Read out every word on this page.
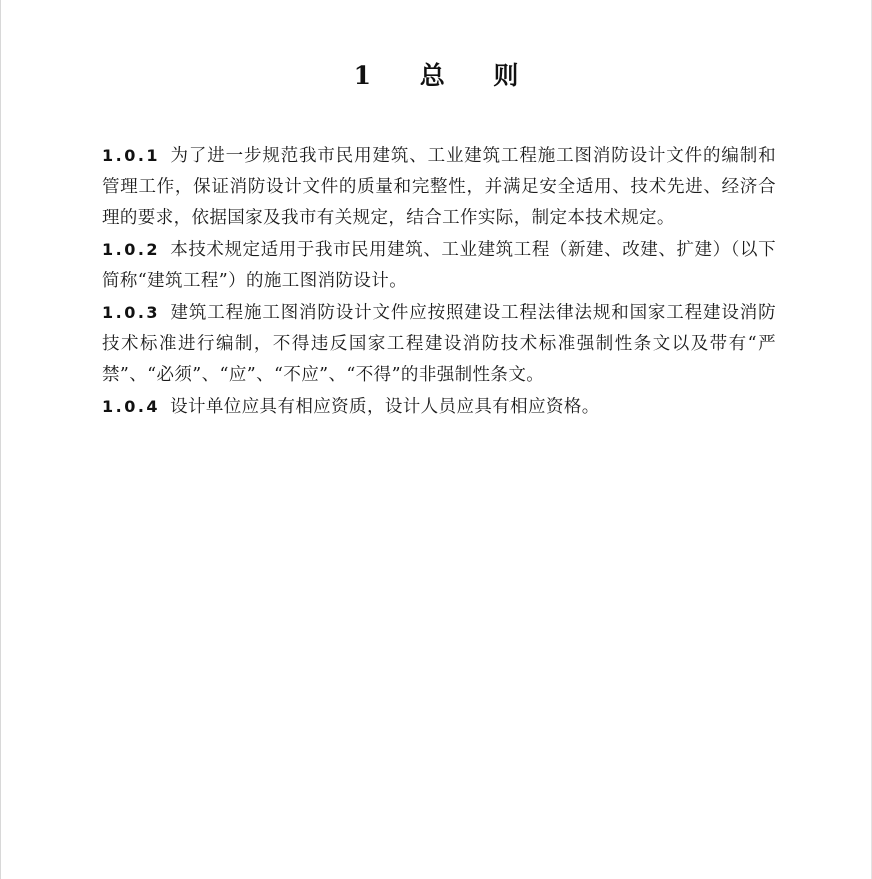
1 总 则

1.0.1 为了进一步规范我市民用建筑、工业建筑工程施工图消防设计文件的编制和管理工作，保证消防设计文件的质量和完整性，并满足安全适用、技术先进、经济合理的要求，依据国家及我市有关规定，结合工作实际，制定本技术规定。

1.0.2 本技术规定适用于我市民用建筑、工业建筑工程（新建、改建、扩建）（以下简称“建筑工程”）的施工图消防设计。

1.0.3 建筑工程施工图消防设计文件应按照建设工程法律法规和国家工程建设消防技术标准进行编制，不得违反国家工程建设消防技术标准强制性条文以及带有“严禁”、“必须”、“应”、“不应”、“不得”的非强制性条文。

1.0.4 设计单位应具有相应资质，设计人员应具有相应资格。
